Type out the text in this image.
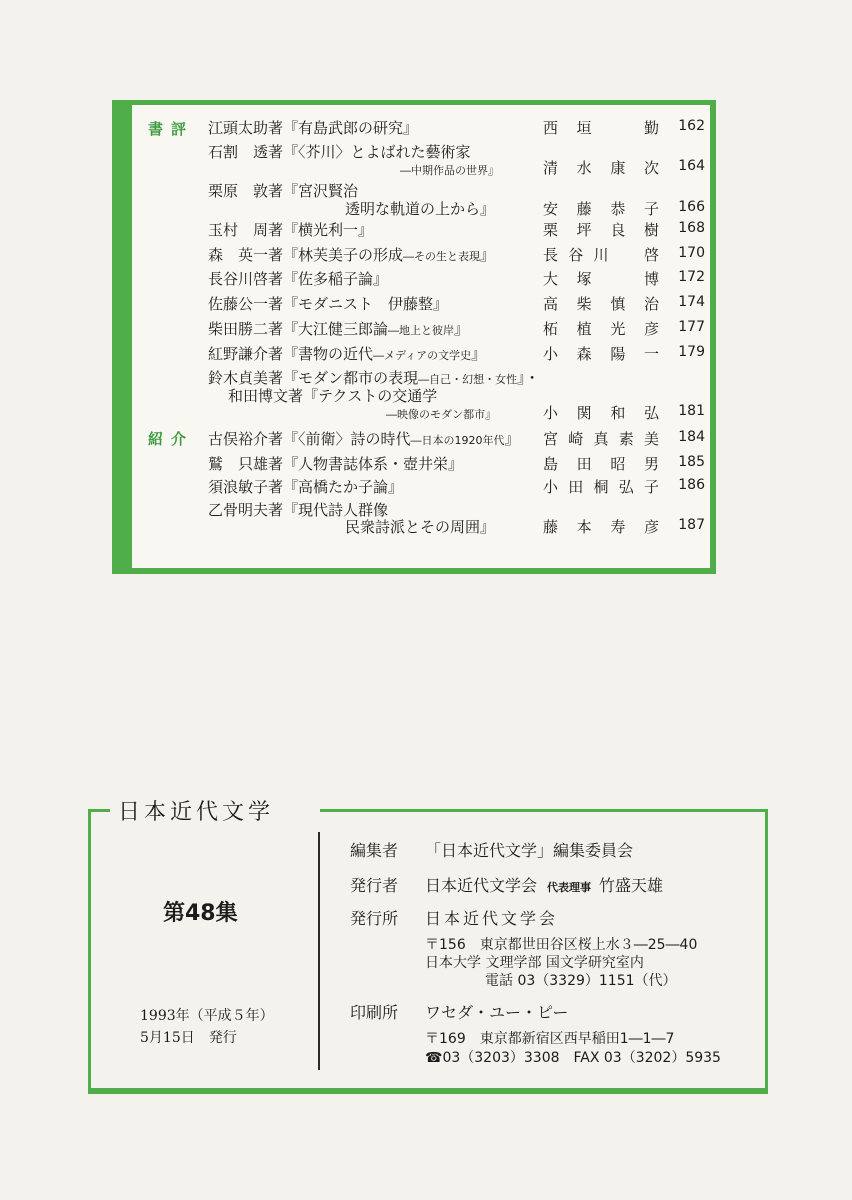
書評
紹介
江頭太助著『有島武郎の研究』	西垣　勤	162
石割　透著『〈芥川〉とよばれた藝術家
―中期作品の世界』	清水康次	164
栗原　敦著『宮沢賢治
透明な軌道の上から』	安藤恭子	166
玉村　周著『横光利一』	栗坪良樹	168
森　英一著『林芙美子の形成―その生と表現』	長谷川　啓	170
長谷川啓著『佐多稲子論』	大塚　博	172
佐藤公一著『モダニスト　伊藤整』	高柴慎治	174
柴田勝二著『大江健三郎論―地上と彼岸』	柘植光彦	177
紅野謙介著『書物の近代―メディアの文学史』	小森陽一	179
鈴木貞美著『モダン都市の表現―自己・幻想・女性』・
和田博文著『テクストの交通学
―映像のモダン都市』	小関和弘	181
古俣裕介著『〈前衛〉詩の時代―日本の1920年代』 宮崎真素美	184
鷲　只雄著『人物書誌体系・壺井栄』	島田昭男	185
須浪敏子著『高橋たか子論』	小田桐弘子	186
乙骨明夫著『現代詩人群像
民衆詩派とその周囲』	藤本寿彦	187
日本近代文学
第48集
1993年（平成５年）
5月15日　発行
編集者 「日本近代文学」編集委員会
発行者 日本近代文学会 代表理事 竹盛天雄
発行所 日本近代文学会
〒156　東京都世田谷区桜上水３―25―40
日本大学 文理学部 国文学研究室内
電話 03（3329）1151（代）
印刷所 ワセダ・ユー・ピー
〒169　東京都新宿区西早稲田1―1―7
☎03（3203）3308　FAX 03（3202）5935
